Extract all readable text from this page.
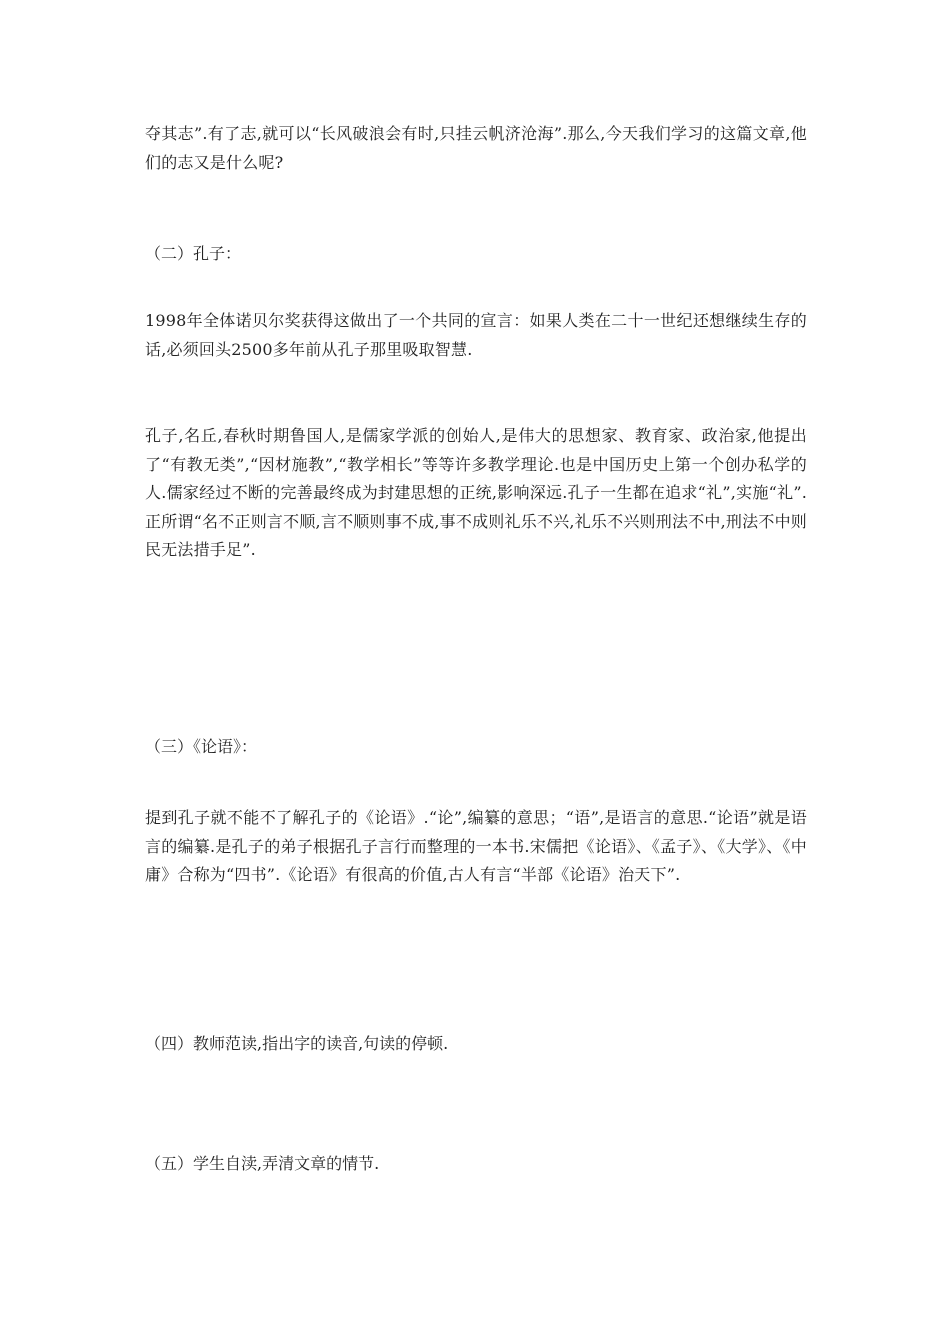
夺其志”.有了志,就可以“长风破浪会有时,只挂云帆济沧海”.那么,今天我们学习的这篇文章,他们的志又是什么呢?

（二）孔子：

1998年全体诺贝尔奖获得这做出了一个共同的宣言：如果人类在二十一世纪还想继续生存的话,必须回头2500多年前从孔子那里吸取智慧.

孔子,名丘,春秋时期鲁国人,是儒家学派的创始人,是伟大的思想家、教育家、政治家,他提出了“有教无类”,“因材施教”,“教学相长”等等许多教学理论.也是中国历史上第一个创办私学的人.儒家经过不断的完善最终成为封建思想的正统,影响深远.孔子一生都在追求“礼”,实施“礼”.正所谓“名不正则言不顺,言不顺则事不成,事不成则礼乐不兴,礼乐不兴则刑法不中,刑法不中则民无法措手足”.

（三）《论语》：

提到孔子就不能不了解孔子的《论语》.“论”,编纂的意思；“语”,是语言的意思.“论语”就是语言的编纂.是孔子的弟子根据孔子言行而整理的一本书.宋儒把《论语》、《孟子》、《大学》、《中庸》合称为“四书”.《论语》有很高的价值,古人有言“半部《论语》治天下”.

（四）教师范读,指出字的读音,句读的停顿.

（五）学生自渎,弄清文章的情节.
